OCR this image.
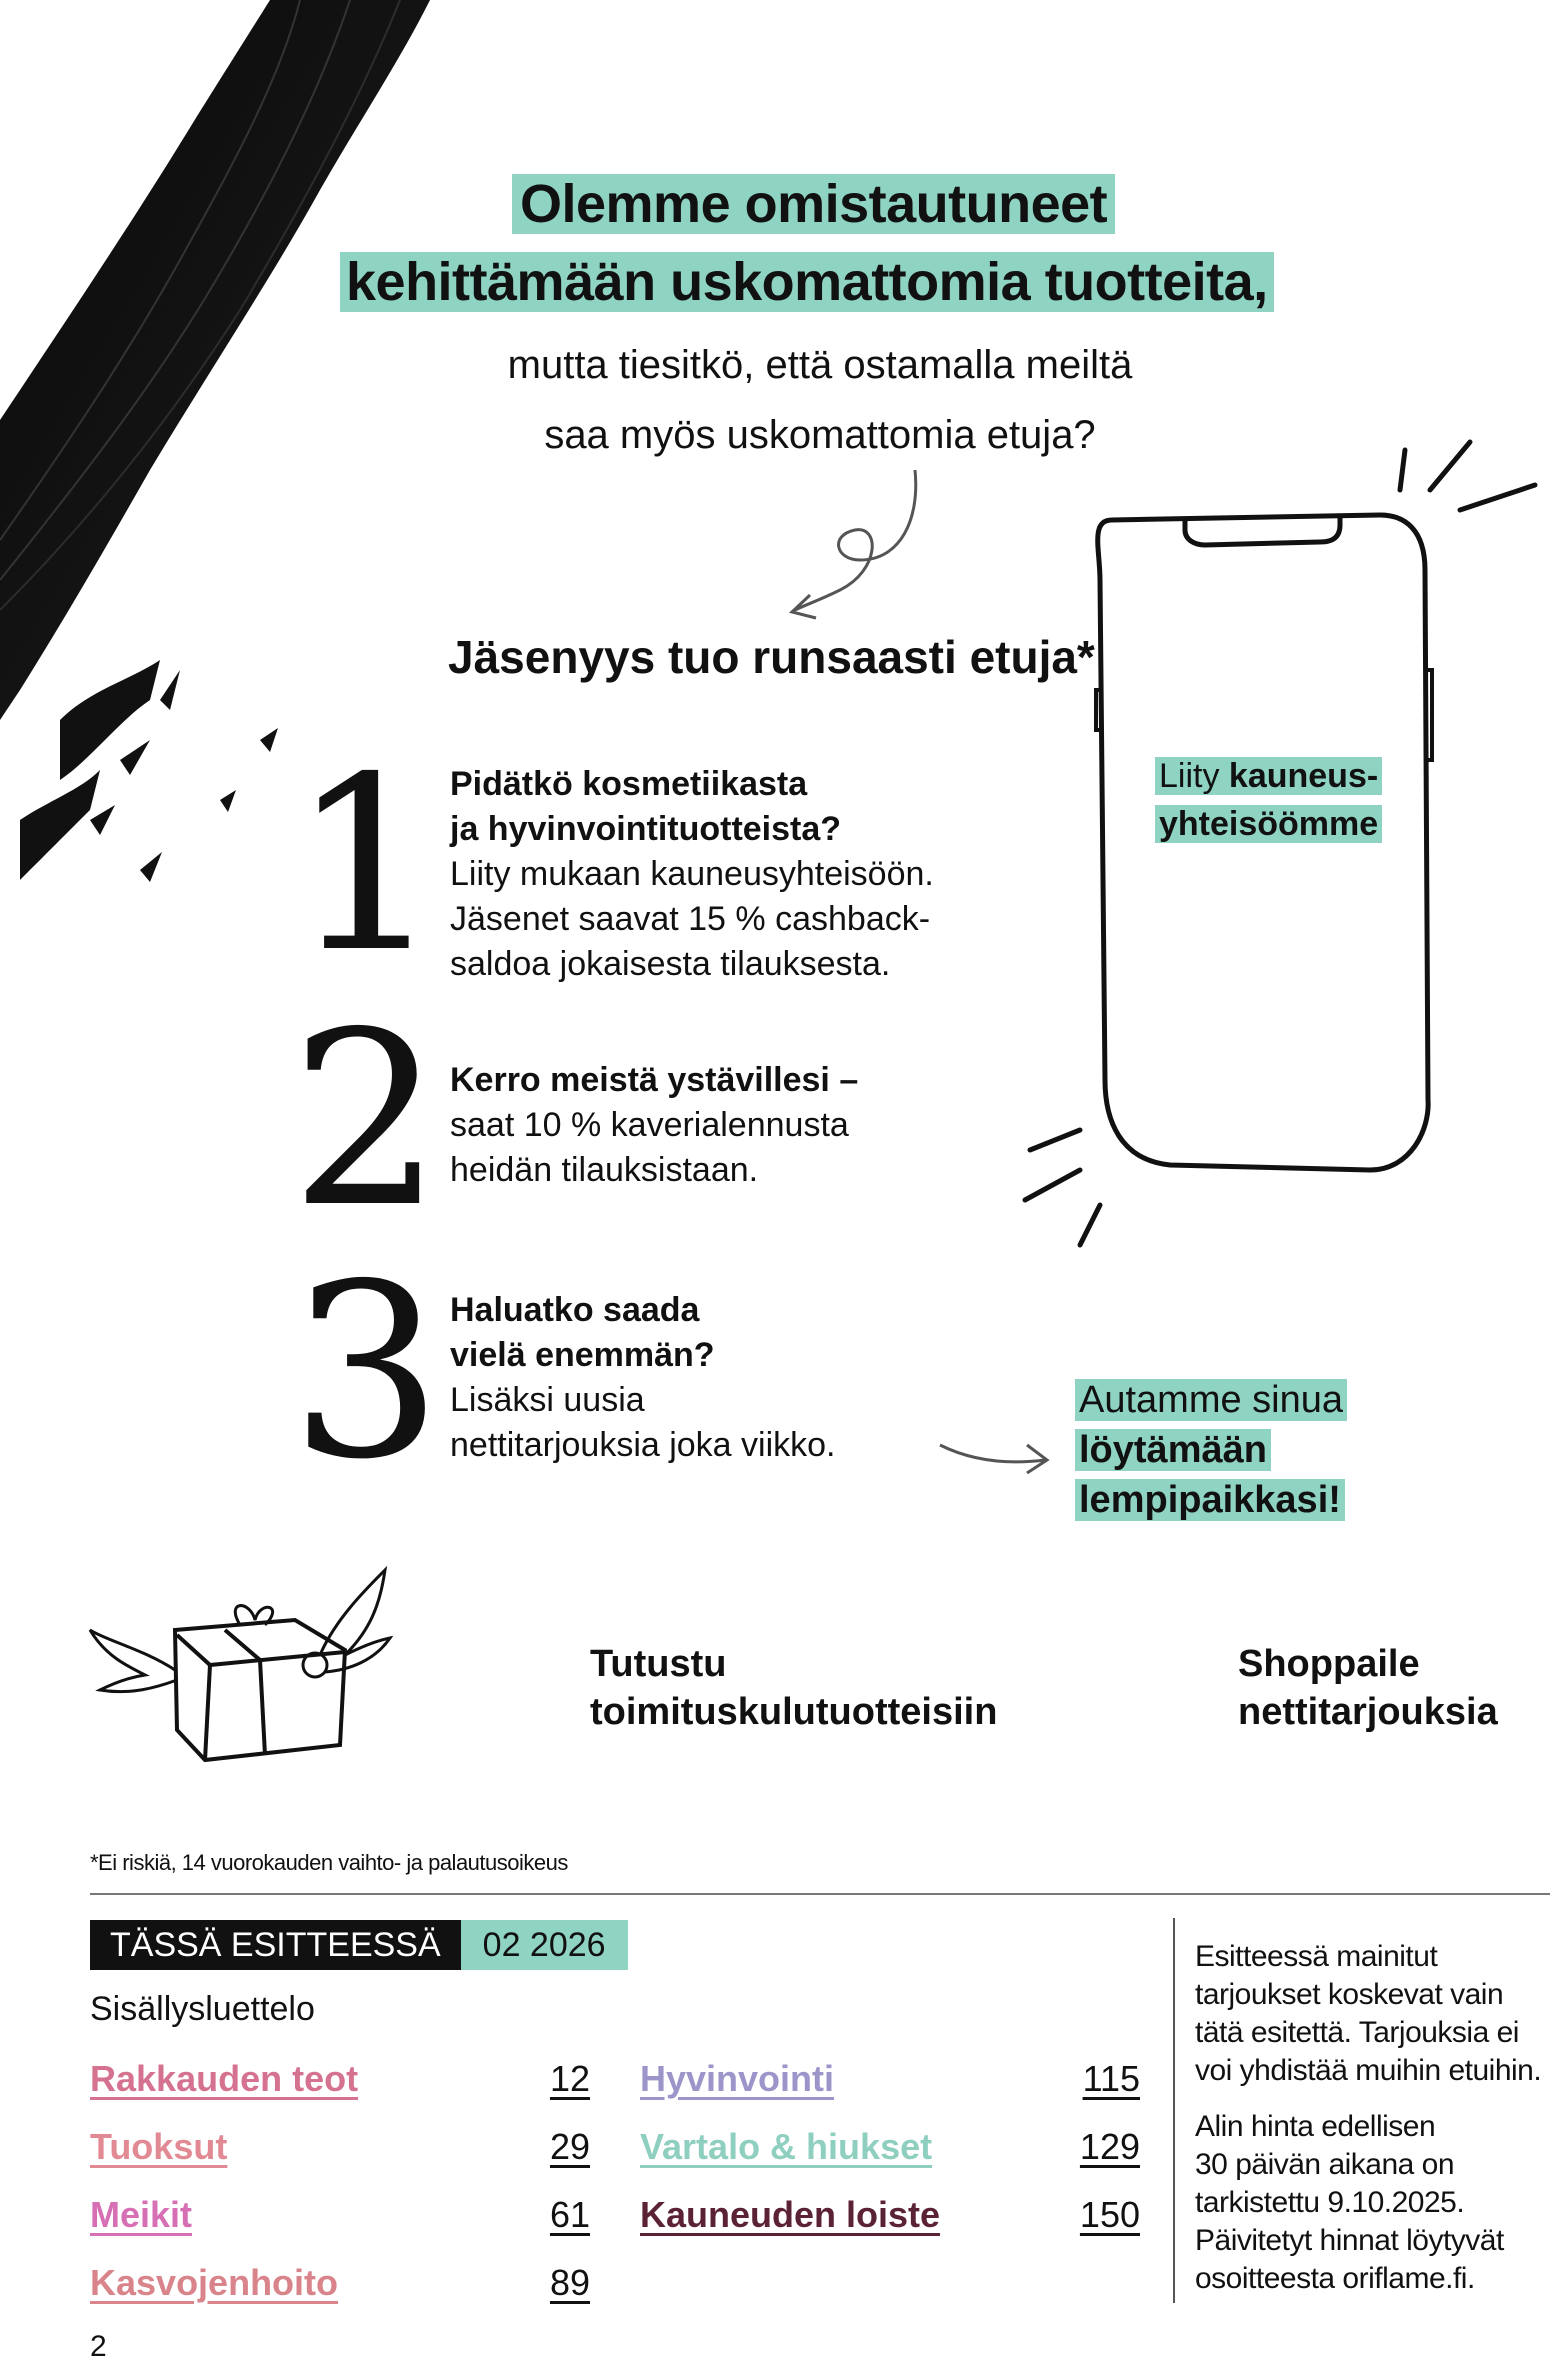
Olemme omistautuneet
kehittämään uskomattomia tuotteita,
mutta tiesitkö, että ostamalla meiltä
saa myös uskomattomia etuja?
Jäsenyys tuo runsaasti etuja*
1 Pidätkö kosmetiikasta
ja hyvinvointituotteista?
Liity mukaan kauneusyhteisöön.
Jäsenet saavat 15 % cashback-
saldoa jokaisesta tilauksesta.
2 Kerro meistä ystävillesi –
saat 10 % kaverialennusta
heidän tilauksistaan.
3 Haluatko saada
vielä enemmän?
Lisäksi uusia
nettitarjouksia joka viikko.
Liity kauneus-
yhteisöömme
Autamme sinua
löytämään
lempipaikkasi!
Tutustu
toimituskulutuotteisiin
Shoppaile
nettitarjouksia
*Ei riskiä, 14 vuorokauden vaihto- ja palautusoikeus
TÄSSÄ ESITTEESSÄ	02 2026
Sisällysluettelo
Rakkauden teot	12
Tuoksut	29
Meikit	61
Kasvojenhoito	89
Hyvinvointi	115
Vartalo & hiukset	129
Kauneuden loiste	150
Esitteessä mainitut
tarjoukset koskevat vain
tätä esitettä. Tarjouksia ei
voi yhdistää muihin etuihin.
Alin hinta edellisen
30 päivän aikana on
tarkistettu 9.10.2025.
Päivitetyt hinnat löytyvät
osoitteesta oriflame.fi.
2
